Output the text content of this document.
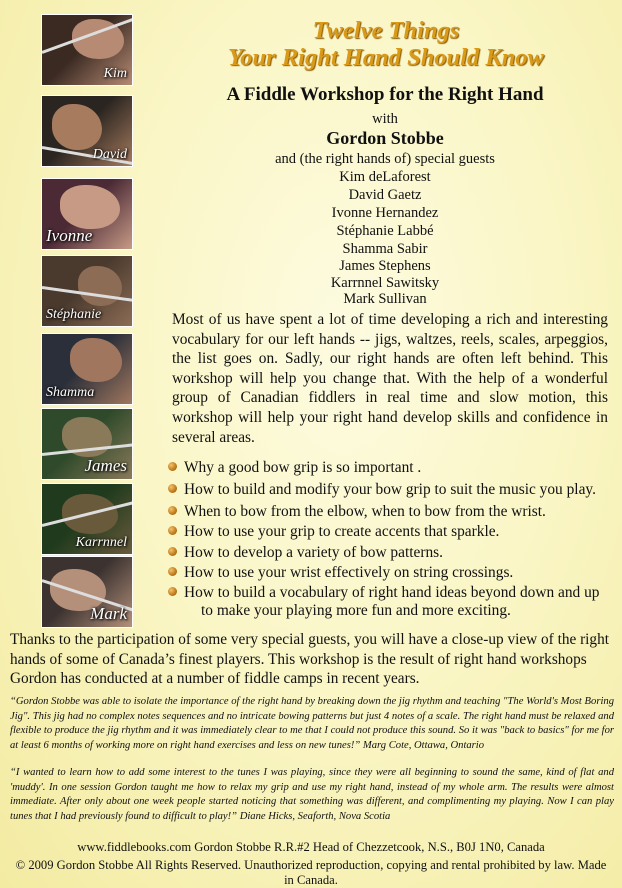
Kim
David
Ivonne
Stéphanie
Shamma
James
Karrnnel
Mark
Twelve Things
Your Right Hand Should Know
A Fiddle Workshop for the Right Hand
with
Gordon Stobbe
and (the right hands of) special guests
Kim deLaforest
David Gaetz
Ivonne Hernandez
Stéphanie Labbé
Shamma Sabir
James Stephens
Karrnnel Sawitsky
Mark Sullivan
Most of us have spent a lot of time developing a rich and interesting vocabulary for our left hands -- jigs, waltzes, reels, scales, arpeggios, the list goes on. Sadly, our right hands are often left behind. This workshop will help you change that. With the help of a wonderful group of Canadian fiddlers in real time and slow motion, this workshop will help your right hand develop skills and confidence in several areas.
Why a good bow grip is so important .
How to build and modify your bow grip to suit the music you play.
When to bow from the elbow, when to bow from the wrist.
How to use your grip to create accents that sparkle.
How to develop a variety of bow patterns.
How to use your wrist effectively on string crossings.
How to build a vocabulary of right hand ideas beyond down and up
to make your playing more fun and more exciting.
Thanks to the participation of some very special guests, you will have a close-up view of the right hands of some of Canada’s finest players. This workshop is the result of right hand workshops Gordon has conducted at a number of fiddle camps in recent years.
“Gordon Stobbe was able to isolate the importance of the right hand by breaking down the jig rhythm and teaching "The World's Most Boring Jig". This jig had no complex notes sequences and no intricate bowing patterns but just 4 notes of a scale. The right hand must be relaxed and flexible to produce the jig rhythm and it was immediately clear to me that I could not produce this sound. So it was "back to basics" for me for at least 6 months of working more on right hand exercises and less on new tunes!” Marg Cote, Ottawa, Ontario
“I wanted to learn how to add some interest to the tunes I was playing, since they were all beginning to sound the same, kind of flat and 'muddy'. In one session Gordon taught me how to relax my grip and use my right hand, instead of my whole arm. The results were almost immediate. After only about one week people started noticing that something was different, and complimenting my playing. Now I can play tunes that I had previously found to difficult to play!” Diane Hicks, Seaforth, Nova Scotia
www.fiddlebooks.com Gordon Stobbe R.R.#2 Head of Chezzetcook, N.S., B0J 1N0, Canada
© 2009 Gordon Stobbe All Rights Reserved. Unauthorized reproduction, copying and rental prohibited by law. Made in Canada.
